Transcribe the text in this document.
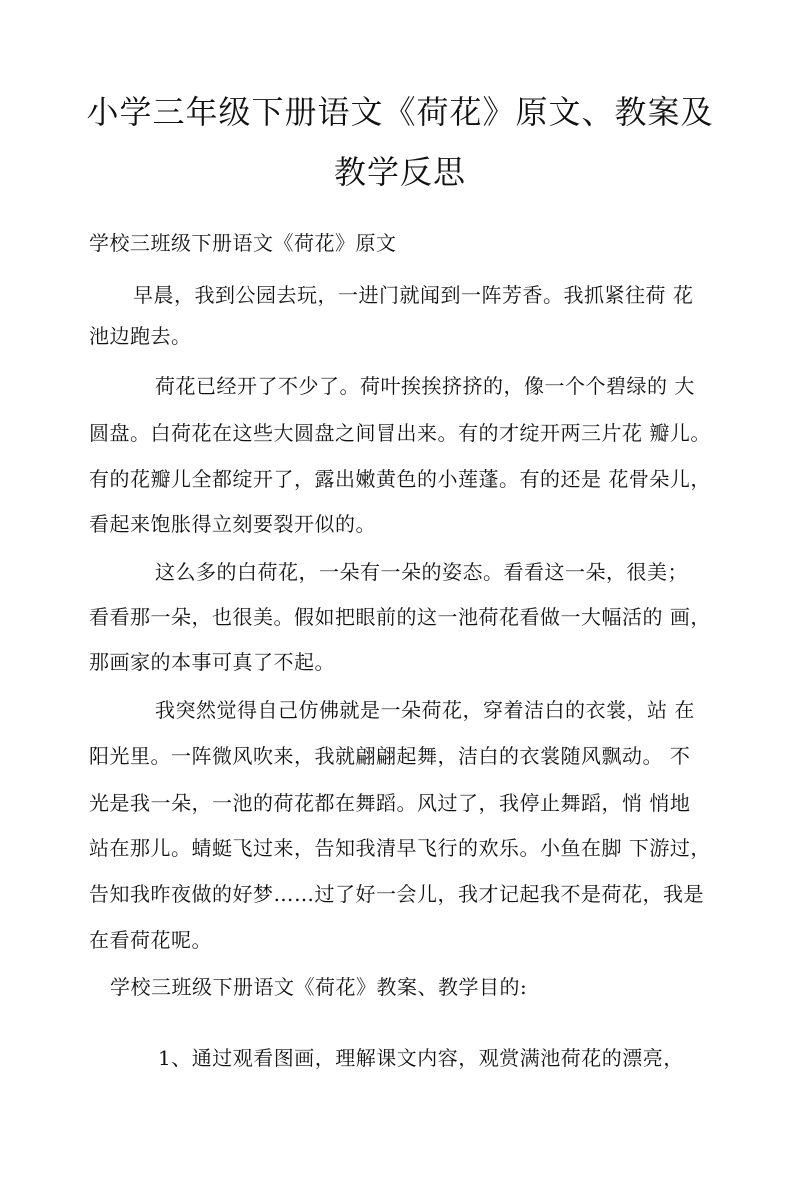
小学三年级下册语文《荷花》原文、教案及
教学反思
学校三班级下册语文《荷花》原文
早晨，我到公园去玩，一进门就闻到一阵芳香。我抓紧往荷 花
池边跑去。
荷花已经开了不少了。荷叶挨挨挤挤的，像一个个碧绿的 大
圆盘。白荷花在这些大圆盘之间冒出来。有的才绽开两三片花 瓣儿。
有的花瓣儿全都绽开了，露出嫩黄色的小莲蓬。有的还是 花骨朵儿，
看起来饱胀得立刻要裂开似的。
这么多的白荷花，一朵有一朵的姿态。看看这一朵，很美；
看看那一朵，也很美。假如把眼前的这一池荷花看做一大幅活的 画，
那画家的本事可真了不起。
我突然觉得自己仿佛就是一朵荷花，穿着洁白的衣裳，站 在
阳光里。一阵微风吹来，我就翩翩起舞，洁白的衣裳随风飘动。 不
光是我一朵，一池的荷花都在舞蹈。风过了，我停止舞蹈，悄 悄地
站在那儿。蜻蜓飞过来，告知我清早飞行的欢乐。小鱼在脚 下游过，
告知我昨夜做的好梦……过了好一会儿，我才记起我不是荷花，我是
在看荷花呢。
学校三班级下册语文《荷花》教案、教学目的:
1、通过观看图画，理解课文内容，观赏满池荷花的漂亮，
